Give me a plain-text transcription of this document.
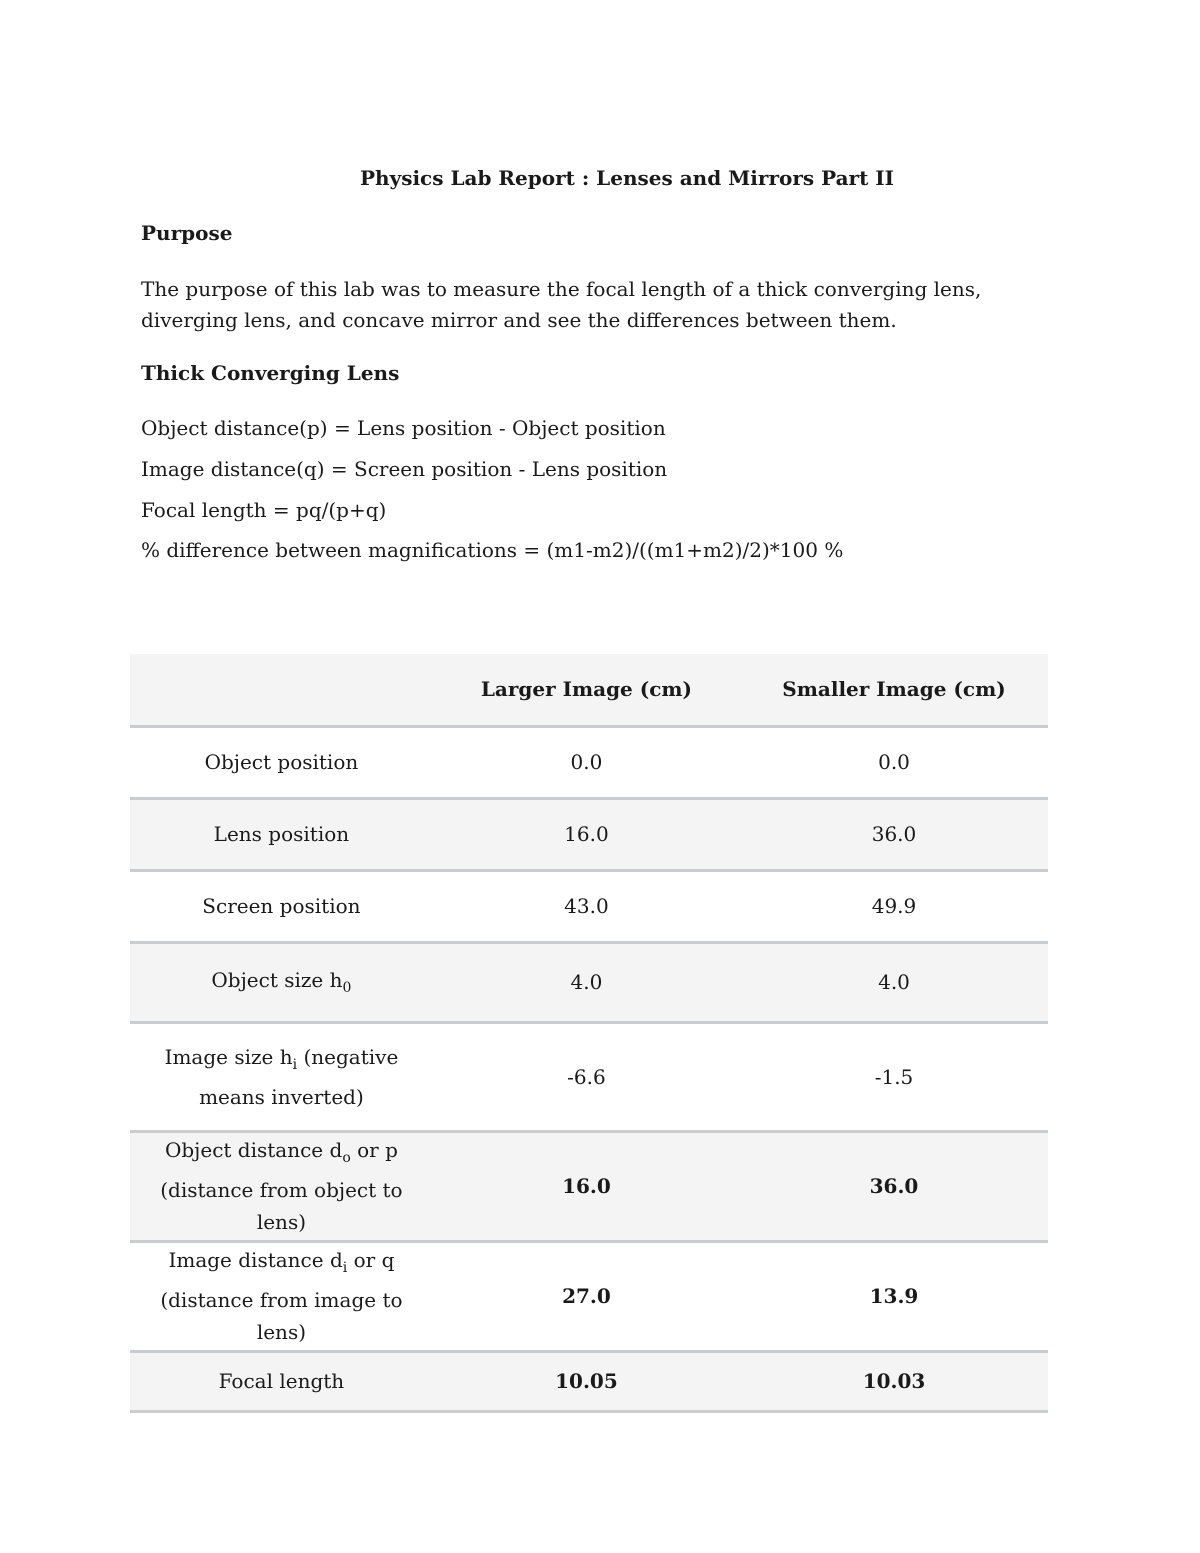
Physics Lab Report : Lenses and Mirrors Part II
Purpose
The purpose of this lab was to measure the focal length of a thick converging lens, diverging lens, and concave mirror and see the differences between them.
Thick Converging Lens
Object distance(p) = Lens position - Object position
Image distance(q) = Screen position - Lens position
Focal length = pq/(p+q)
% difference between magnifications = (m1-m2)/((m1+m2)/2)*100 %
	Larger Image (cm)	Smaller Image (cm)
Object position	0.0	0.0
Lens position	16.0	36.0
Screen position	43.0	49.9
Object size $h_0$	4.0	4.0
Image size $h_i$ (negative means inverted)	-6.6	-1.5
Object distance $d_o$ or p
(distance from object to lens)	16.0	36.0
Image distance $d_i$ or q
(distance from image to lens)	27.0	13.9
Focal length	10.05	10.03
